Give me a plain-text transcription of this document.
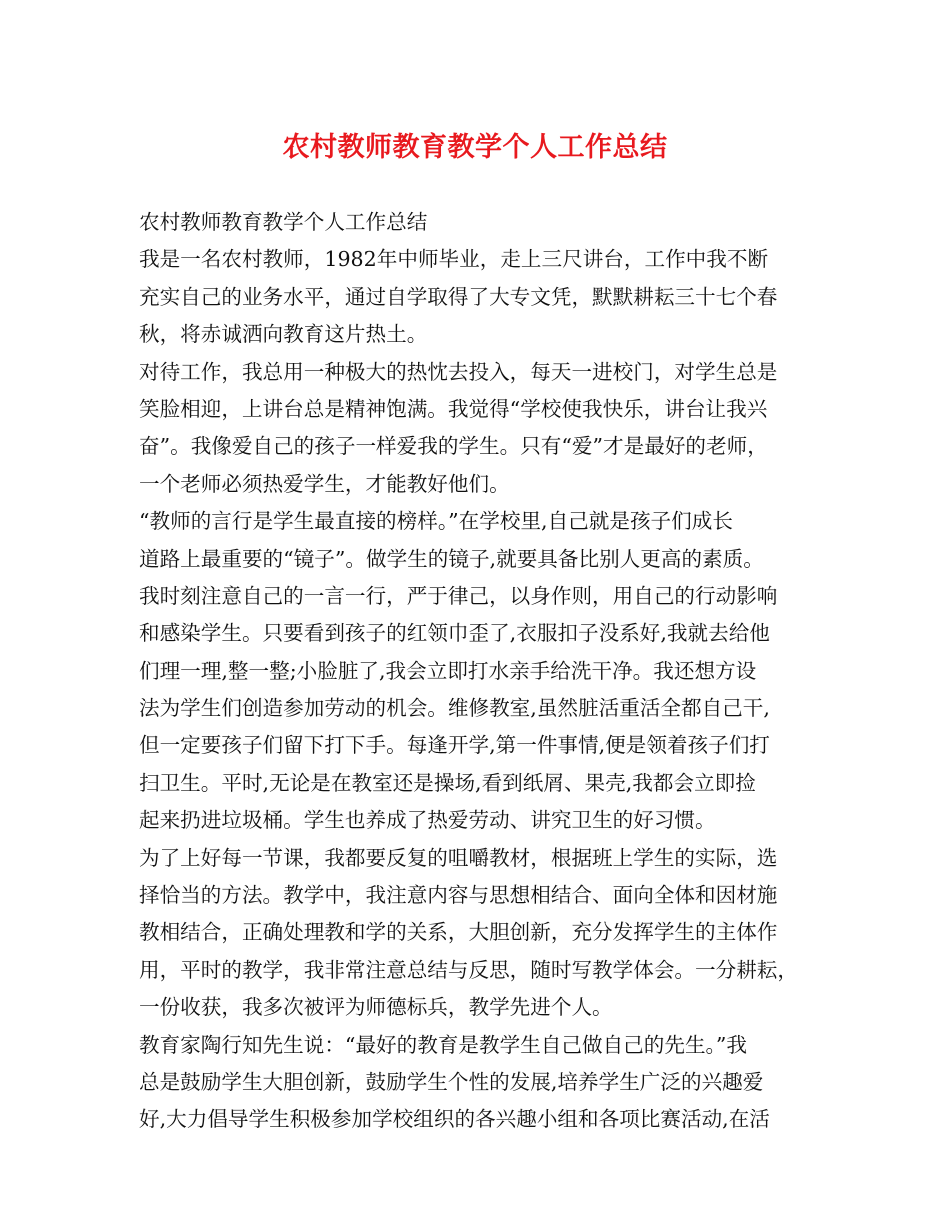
农村教师教育教学个人工作总结
农村教师教育教学个人工作总结
我是一名农村教师，1982年中师毕业，走上三尺讲台，工作中我不断
充实自己的业务水平，通过自学取得了大专文凭，默默耕耘三十七个春
秋，将赤诚洒向教育这片热土。
对待工作，我总用一种极大的热忱去投入，每天一进校门，对学生总是
笑脸相迎，上讲台总是精神饱满。我觉得“学校使我快乐，讲台让我兴
奋”。我像爱自己的孩子一样爱我的学生。只有“爱”才是最好的老师，
一个老师必须热爱学生，才能教好他们。
“教师的言行是学生最直接的榜样。”在学校里,自己就是孩子们成长
道路上最重要的“镜子”。做学生的镜子,就要具备比别人更高的素质。
我时刻注意自己的一言一行，严于律己，以身作则，用自己的行动影响
和感染学生。只要看到孩子的红领巾歪了,衣服扣子没系好,我就去给他
们理一理,整一整;小脸脏了,我会立即打水亲手给洗干净。我还想方设
法为学生们创造参加劳动的机会。维修教室,虽然脏活重活全都自己干,
但一定要孩子们留下打下手。每逢开学,第一件事情,便是领着孩子们打
扫卫生。平时,无论是在教室还是操场,看到纸屑、果壳,我都会立即捡
起来扔进垃圾桶。学生也养成了热爱劳动、讲究卫生的好习惯。
为了上好每一节课，我都要反复的咀嚼教材，根据班上学生的实际，选
择恰当的方法。教学中，我注意内容与思想相结合、面向全体和因材施
教相结合，正确处理教和学的关系，大胆创新，充分发挥学生的主体作
用，平时的教学，我非常注意总结与反思，随时写教学体会。一分耕耘，
一份收获，我多次被评为师德标兵，教学先进个人。
教育家陶行知先生说：“最好的教育是教学生自己做自己的先生。”我
总是鼓励学生大胆创新，鼓励学生个性的发展,培养学生广泛的兴趣爱
好,大力倡导学生积极参加学校组织的各兴趣小组和各项比赛活动,在活
